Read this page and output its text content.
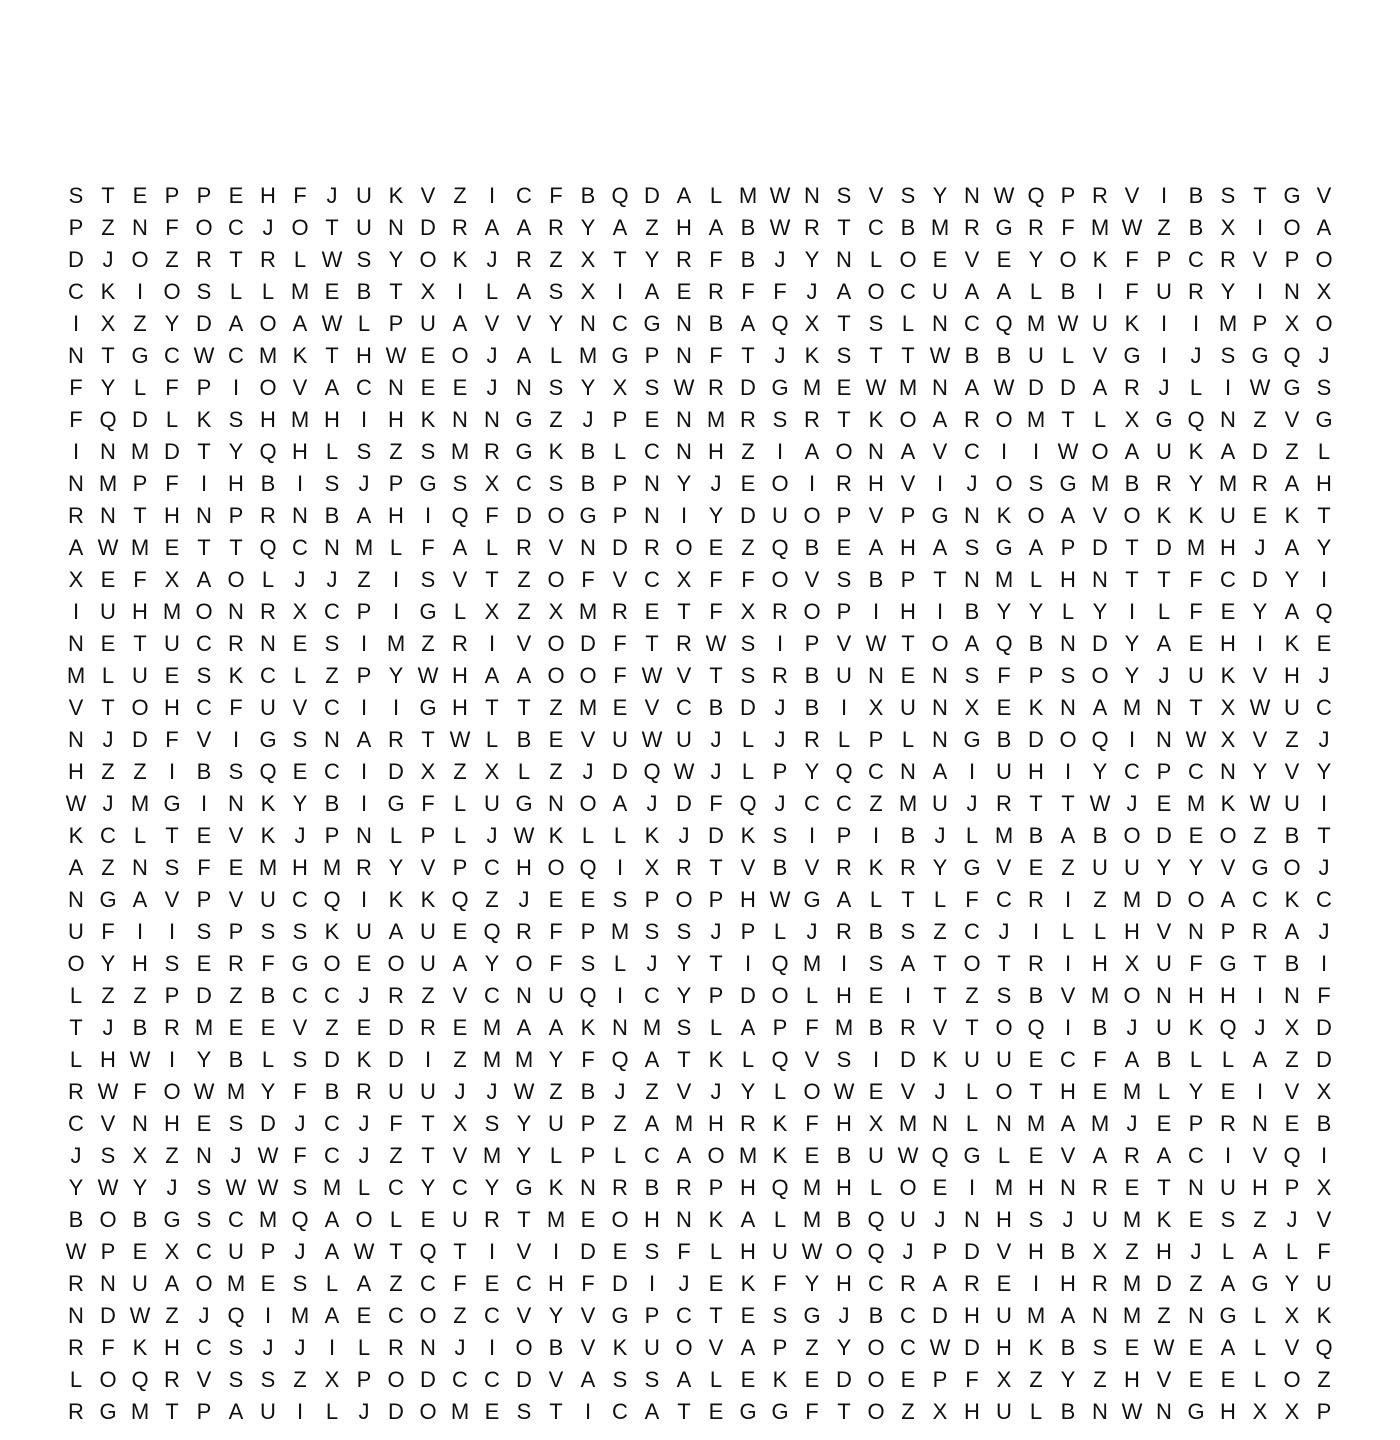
S T E P P E H F J U K V Z	I C F B Q D A L M W N S V S Y N W Q P R V I B S T G V
P Z N F O C J O T U N D R A A R Y A Z H A B W R T C B M R G R F M W Z B X I O A
D J O Z R T R L W S Y O K J R Z X T Y R F B J Y N L O E V E Y O K F P C R V P O
C K I O S L L M E B T X I	L A S X I A E R F F J A O C U A A L B I	F U R Y I N X
I X Z Y D A O A W L P U A V V Y N C G N B A Q X T S L N C Q M W U K I	I M P X O
N T G C W C M K T H W E O J A L M G P N F T J K S T T W B B U L V G I	J S G Q J
F Y L F P I O V A C N E E J N S Y X S W R D G M E W M N A W D D A R J L	I W G S
F Q D L K S H M H I H K N N G Z J P E N M R S R T K O A R O M T L X G Q N Z V G
I N M D T Y Q H L S Z S M R G K B L C N H Z	I A O N A V C I	I W O A U K A D Z L
N M P F	I H B I S J P G S X C S B P N Y J E O I R H V I	J O S G M B R Y M R A H
R N T H N P R N B A H I Q F D O G P N I Y D U O P V P G N K O A V O K K U E K T
A W M E T T Q C N M L F A L R V N D R O E Z Q B E A H A S G A P D T D M H J A Y
X E F X A O L J J Z	I S V T Z O F V C X F F O V S B P T N M L H N T T F C D Y I
I U H M O N R X C P I G L X Z X M R E T F X R O P I H I B Y Y L Y I	L F E Y A Q
N E T U C R N E S I M Z R I V O D F T R W S I P V W T O A Q B N D Y A E H I K E
M L U E S K C L Z P Y W H A A O O F W V T S R B U N E N S F P S O Y J U K V H J
V T O H C F U V C I	I G H T T Z M E V C B D J B I X U N X E K N A M N T X W U C
N J D F V I G S N A R T W L B E V U W U J L J R L P L N G B D O Q I N W X V Z J
H Z Z	I B S Q E C I D X Z X L Z J D Q W J L P Y Q C N A I U H I Y C P C N Y V Y
W J M G I N K Y B I G F L U G N O A J D F Q J C C Z M U J R T T W J E M K W U I
K C L T E V K J P N L P L J W K L L K J D K S I P I B J L M B A B O D E O Z B T
A Z N S F E M H M R Y V P C H O Q I X R T V B V R K R Y G V E Z U U Y Y V G O J
N G A V P V U C Q I K K Q Z J E E S P O P H W G A L T L F C R I	Z M D O A C K C
U F	I	I S P S S K U A U E Q R F P M S S J P L J R B S Z C J	I	L L H V N P R A J
O Y H S E R F G O E O U A Y O F S L J Y T	I Q M I S A T O T R I H X U F G T B I
L Z Z P D Z B C C J R Z V C N U Q I C Y P D O L H E I	T Z S B V M O N H H I N F
T J B R M E E V Z E D R E M A A K N M S L A P F M B R V T O Q I B J U K Q J X D
L H W I Y B L S D K D I	Z M M Y F Q A T K L Q V S I D K U U E C F A B L L A Z D
R W F O W M Y F B R U U J J W Z B J Z V J Y L O W E V J L O T H E M L Y E I V X
C V N H E S D J C J F T X S Y U P Z A M H R K F H X M N L N M A M J E P R N E B
J S X Z N J W F C J Z T V M Y L P L C A O M K E B U W Q G L E V A R A C I V Q I
Y W Y J S W W S M L C Y C Y G K N R B R P H Q M H L O E I M H N R E T N U H P X
B O B G S C M Q A O L E U R T M E O H N K A L M B Q U J N H S J U M K E S Z J V
W P E X C U P J A W T Q T	I V I D E S F L H U W O Q J P D V H B X Z H J L A L F
R N U A O M E S L A Z C F E C H F D I	J E K F Y H C R A R E I H R M D Z A G Y U
N D W Z J Q I M A E C O Z C V Y V G P C T E S G J B C D H U M A N M Z N G L X K
R F K H C S J J	I	L R N J	I O B V K U O V A P Z Y O C W D H K B S E W E A L V Q
L O Q R V S S Z X P O D C C D V A S S A L E K E D O E P F X Z Y Z H V E E L O Z
R G M T P A U I	L J D O M E S T	I C A T E G G F T O Z X H U L B N W N G H X X P
